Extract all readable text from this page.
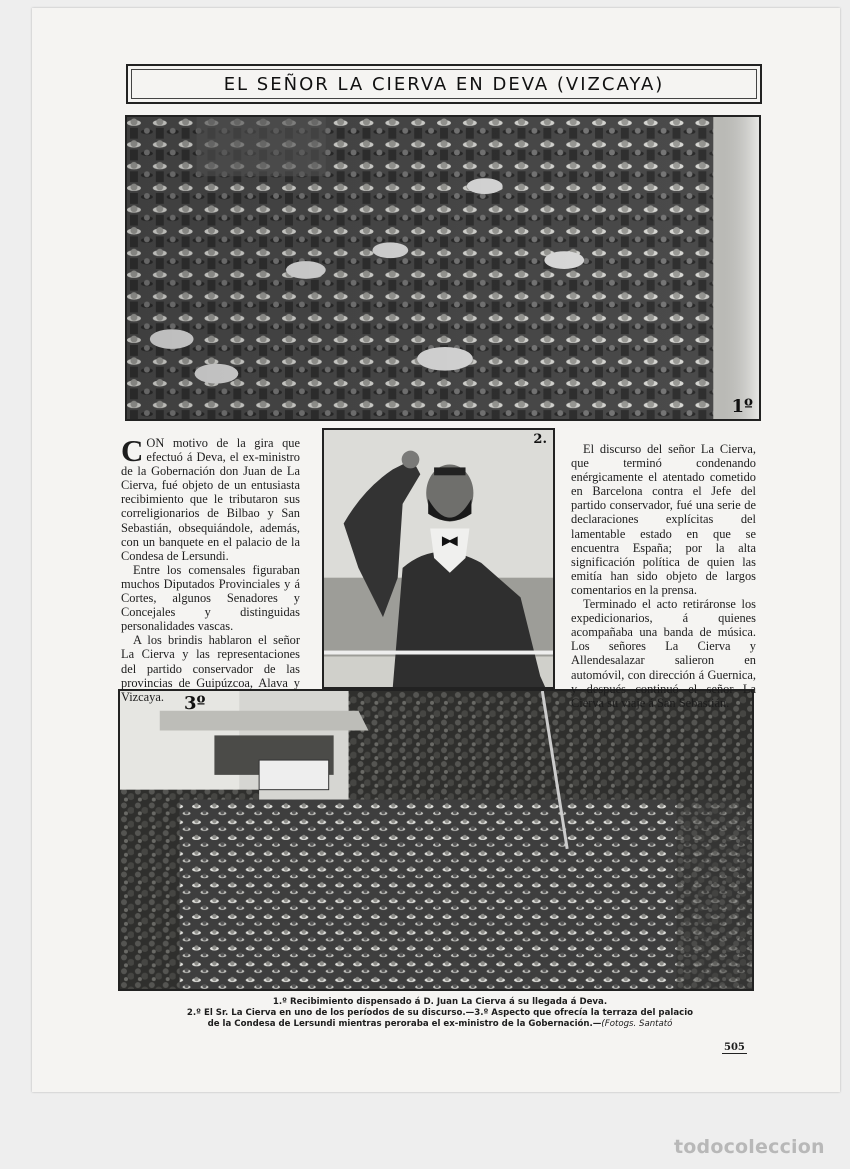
EL SEÑOR LA CIERVA EN DEVA (VIZCAYA)
1º
2.
3º

CON motivo de la gira que efectuó á Deva, el ex-ministro de la Gobernación don Juan de La Cierva, fué objeto de un entusiasta recibimiento que le tributaron sus correligionarios de Bilbao y San Sebastián, obsequiándole, además, con un banquete en el palacio de la Condesa de Lersundi.

Entre los comensales figuraban muchos Diputados Provinciales y á Cortes, algunos Senadores y Concejales y distinguidas personalidades vascas.

A los brindis hablaron el señor La Cierva y las representaciones del partido conservador de las provincias de Guipúzcoa, Alava y Vizcaya.

El discurso del señor La Cierva, que terminó condenando enérgicamente el atentado cometido en Barcelona contra el Jefe del partido conservador, fué una serie de declaraciones explícitas del lamentable estado en que se encuentra España; por la alta significación política de quien las emitía han sido objeto de largos comentarios en la prensa.

Terminado el acto retiráronse los expedicionarios, á quienes acompañaba una banda de música. Los señores La Cierva y Allendesalazar salieron en automóvil, con dirección á Guernica, y después continuó el señor La Cierva su viaje á San Sebastián.

1.º Recibimiento dispensado á D. Juan La Cierva á su llegada á Deva.
2.º El Sr. La Cierva en uno de los períodos de su discurso.—3.º Aspecto que ofrecía la terraza del palacio
de la Condesa de Lersundi mientras peroraba el ex-ministro de la Gobernación.—(Fotogs. Santató
505
todocoleccion
